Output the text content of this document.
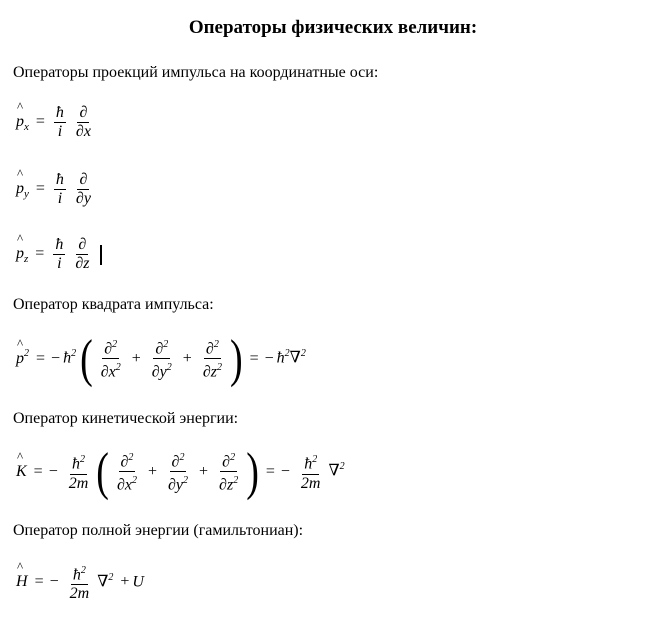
Операторы физических величин:
Операторы проекций импульса на координатные оси:
^ $p_x = \frac{ħ}{i}$
$\frac{\partial}{\partial x}$
^ $p_y = \frac{ħ}{i}$
$\frac{\partial}{\partial y}$
^ $p_z = \frac{ħ}{i}$
$\frac{\partial}{\partial z}$

Оператор квадрата импульса:
^ $p^2$ = − $ħ^2$ ( $\frac{\partial^2}{\partial x^2} + \frac{\partial^2}{\partial y^2} + \frac{\partial^2}{\partial z^2}$ ) = − $ħ^2\nabla^2$
Оператор кинетической энергии:
^ K = − $\frac{ħ^2}{2m}$ ( $\frac{\partial^2}{\partial x^2} + \frac{\partial^2}{\partial y^2} + \frac{\partial^2}{\partial z^2}$ ) = − $\frac{ħ^2}{2m} \nabla^2$
Оператор полной энергии (гамильтониан):
^ H = − $\frac{ħ^2}{2m} \nabla^2 + U$
